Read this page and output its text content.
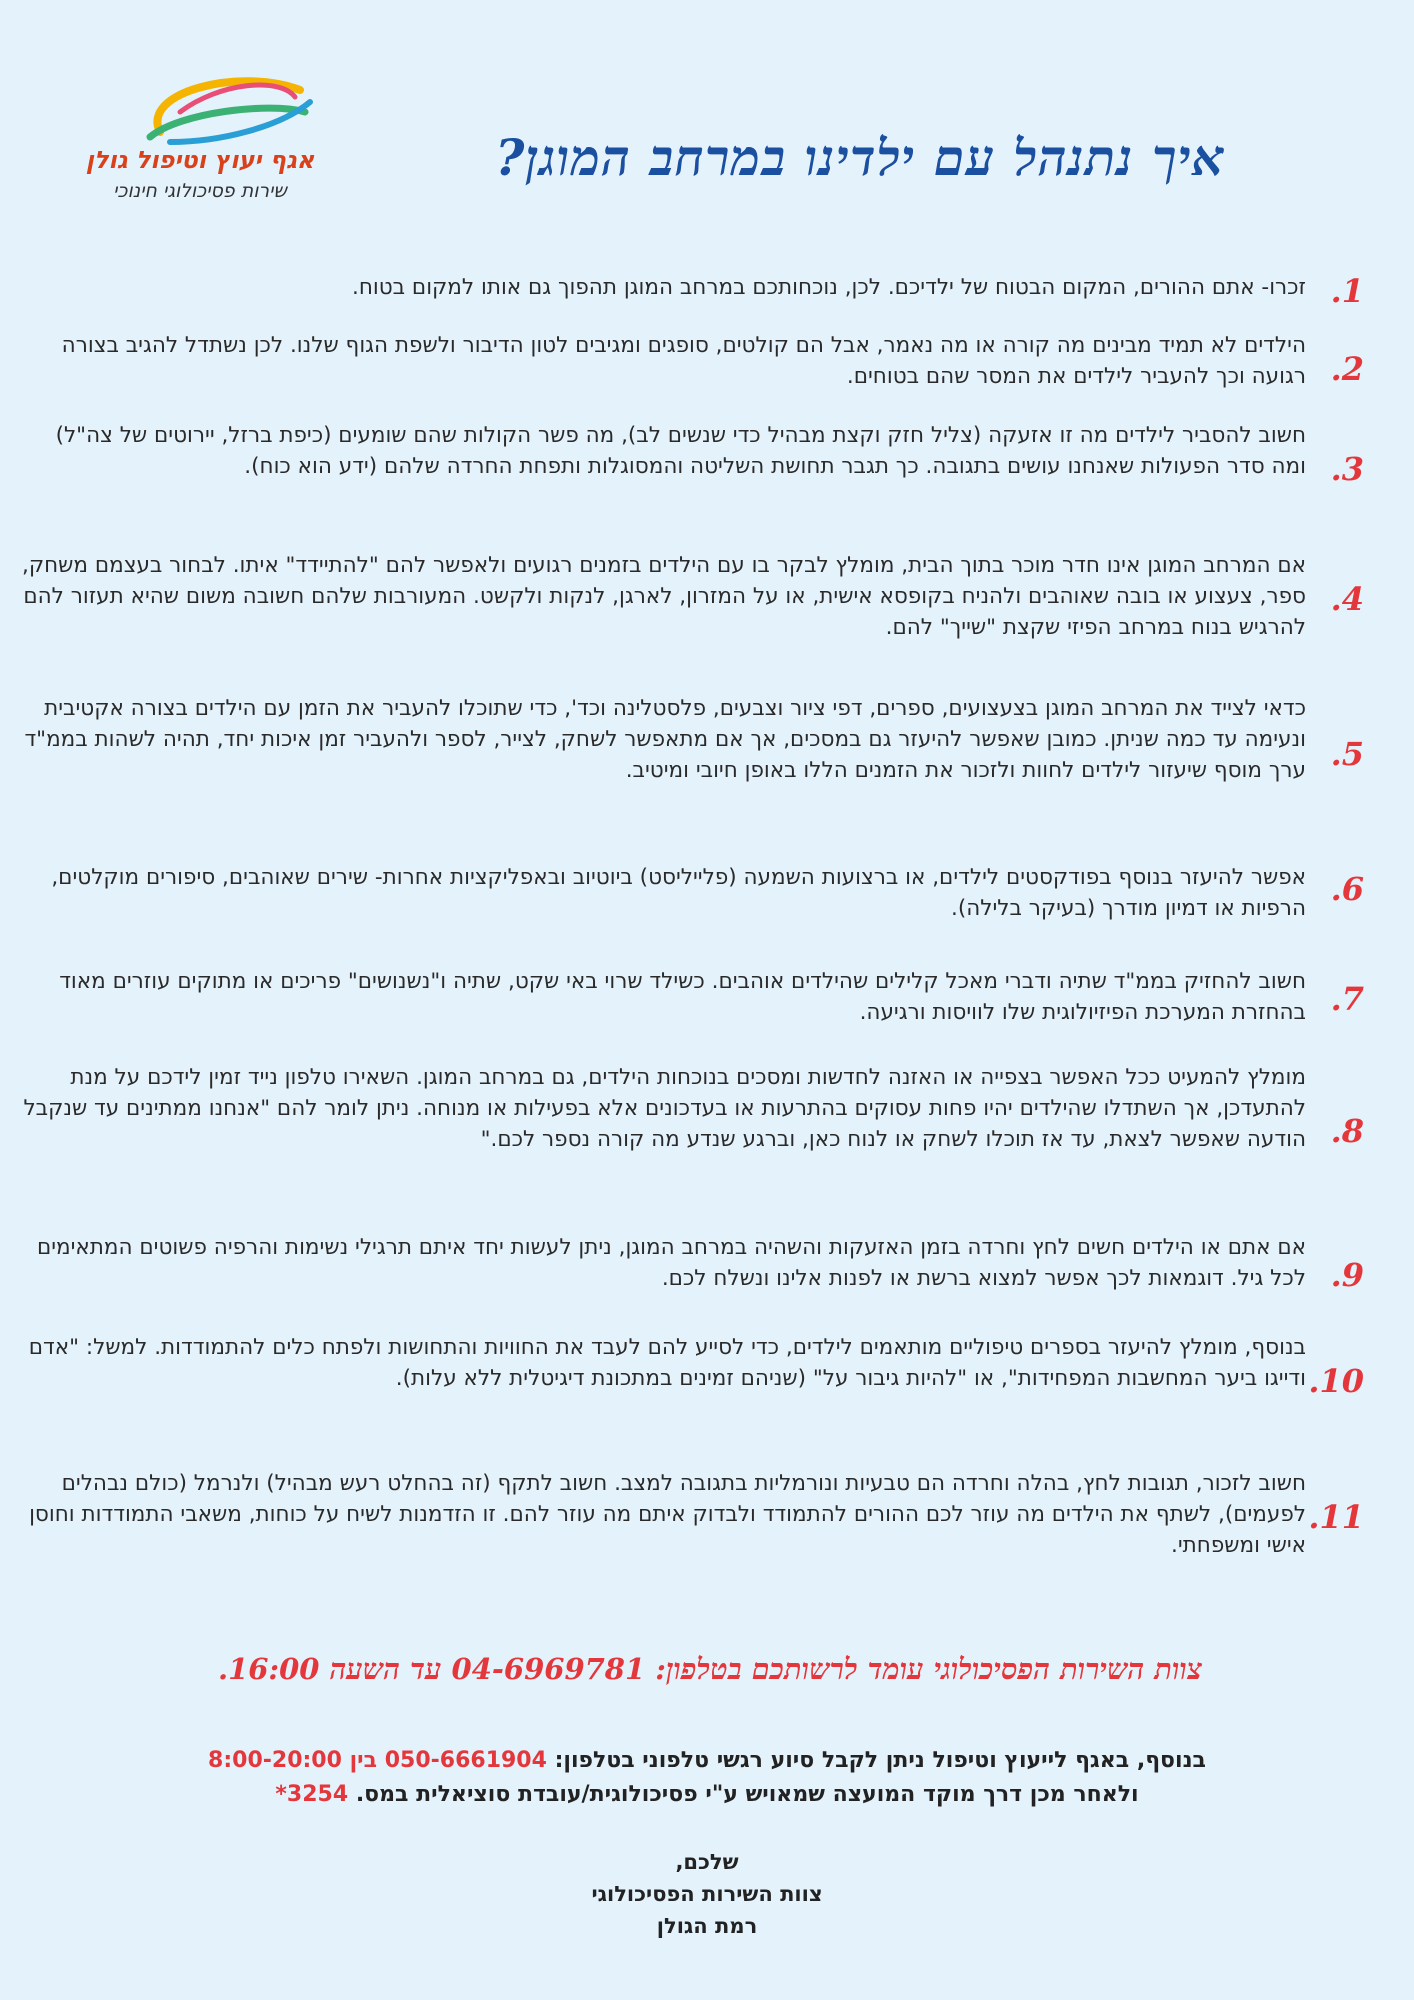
אגף יעוץ וטיפול גולן
שירות פסיכולוגי חינוכי
איך נתנהל עם ילדינו במרחב המוגן?
.1
זכרו- אתם ההורים, המקום הבטוח של ילדיכם. לכן, נוכחותכם במרחב המוגן תהפוך גם אותו למקום בטוח.
.2
הילדים לא תמיד מבינים מה קורה או מה נאמר, אבל הם קולטים, סופגים ומגיבים לטון הדיבור ולשפת הגוף שלנו. לכן נשתדל להגיב בצורה רגועה וכך להעביר לילדים את המסר שהם בטוחים.
.3
חשוב להסביר לילדים מה זו אזעקה (צליל חזק וקצת מבהיל כדי שנשים לב), מה פשר הקולות שהם שומעים (כיפת ברזל, יירוטים של צה"ל) ומה סדר הפעולות שאנחנו עושים בתגובה. כך תגבר תחושת השליטה והמסוגלות ותפחת החרדה שלהם (ידע הוא כוח).
.4
אם המרחב המוגן אינו חדר מוכר בתוך הבית, מומלץ לבקר בו עם הילדים בזמנים רגועים ולאפשר להם "להתיידד" איתו. לבחור בעצמם משחק, ספר, צעצוע או בובה שאוהבים ולהניח בקופסא אישית, או על המזרון, לארגן, לנקות ולקשט. המעורבות שלהם חשובה משום שהיא תעזור להם להרגיש בנוח במרחב הפיזי שקצת "שייך" להם.
.5
כדאי לצייד את המרחב המוגן בצעצועים, ספרים, דפי ציור וצבעים, פלסטלינה וכד', כדי שתוכלו להעביר את הזמן עם הילדים בצורה אקטיבית ונעימה עד כמה שניתן. כמובן שאפשר להיעזר גם במסכים, אך אם מתאפשר לשחק, לצייר, לספר ולהעביר זמן איכות יחד, תהיה לשהות בממ"ד ערך מוסף שיעזור לילדים לחוות ולזכור את הזמנים הללו באופן חיובי ומיטיב.
.6
אפשר להיעזר בנוסף בפודקסטים לילדים, או ברצועות השמעה (פלייליסט) ביוטיוב ובאפליקציות אחרות- שירים שאוהבים, סיפורים מוקלטים, הרפיות או דמיון מודרך (בעיקר בלילה).
.7
חשוב להחזיק בממ"ד שתיה ודברי מאכל קלילים שהילדים אוהבים. כשילד שרוי באי שקט, שתיה ו"נשנושים" פריכים או מתוקים עוזרים מאוד בהחזרת המערכת הפיזיולוגית שלו לוויסות ורגיעה.
.8
מומלץ להמעיט ככל האפשר בצפייה או האזנה לחדשות ומסכים בנוכחות הילדים, גם במרחב המוגן. השאירו טלפון נייד זמין לידכם על מנת להתעדכן, אך השתדלו שהילדים יהיו פחות עסוקים בהתרעות או בעדכונים אלא בפעילות או מנוחה. ניתן לומר להם "אנחנו ממתינים עד שנקבל הודעה שאפשר לצאת, עד אז תוכלו לשחק או לנוח כאן, וברגע שנדע מה קורה נספר לכם."
.9
אם אתם או הילדים חשים לחץ וחרדה בזמן האזעקות והשהיה במרחב המוגן, ניתן לעשות יחד איתם תרגילי נשימות והרפיה פשוטים המתאימים לכל גיל. דוגמאות לכך אפשר למצוא ברשת או לפנות אלינו ונשלח לכם.
.10
בנוסף, מומלץ להיעזר בספרים טיפוליים מותאמים לילדים, כדי לסייע להם לעבד את החוויות והתחושות ולפתח כלים להתמודדות. למשל: "אדם ודייגו ביער המחשבות המפחידות", או "להיות גיבור על" (שניהם זמינים במתכונת דיגיטלית ללא עלות).
.11
חשוב לזכור, תגובות לחץ, בהלה וחרדה הם טבעיות ונורמליות בתגובה למצב. חשוב לתקף (זה בהחלט רעש מבהיל) ולנרמל (כולם נבהלים לפעמים), לשתף את הילדים מה עוזר לכם ההורים להתמודד ולבדוק איתם מה עוזר להם. זו הזדמנות לשיח על כוחות, משאבי התמודדות וחוסן אישי ומשפחתי.
צוות השירות הפסיכולוגי עומד לרשותכם בטלפון: 04-6969781 עד השעה 16:00.
בנוסף, באגף לייעוץ וטיפול ניתן לקבל סיוע רגשי טלפוני בטלפון: 050-6661904 בין 8:00-20:00
ולאחר מכן דרך מוקד המועצה שמאויש ע"י פסיכולוגית/עובדת סוציאלית במס. *3254
שלכם,
צוות השירות הפסיכולוגי
רמת הגולן
